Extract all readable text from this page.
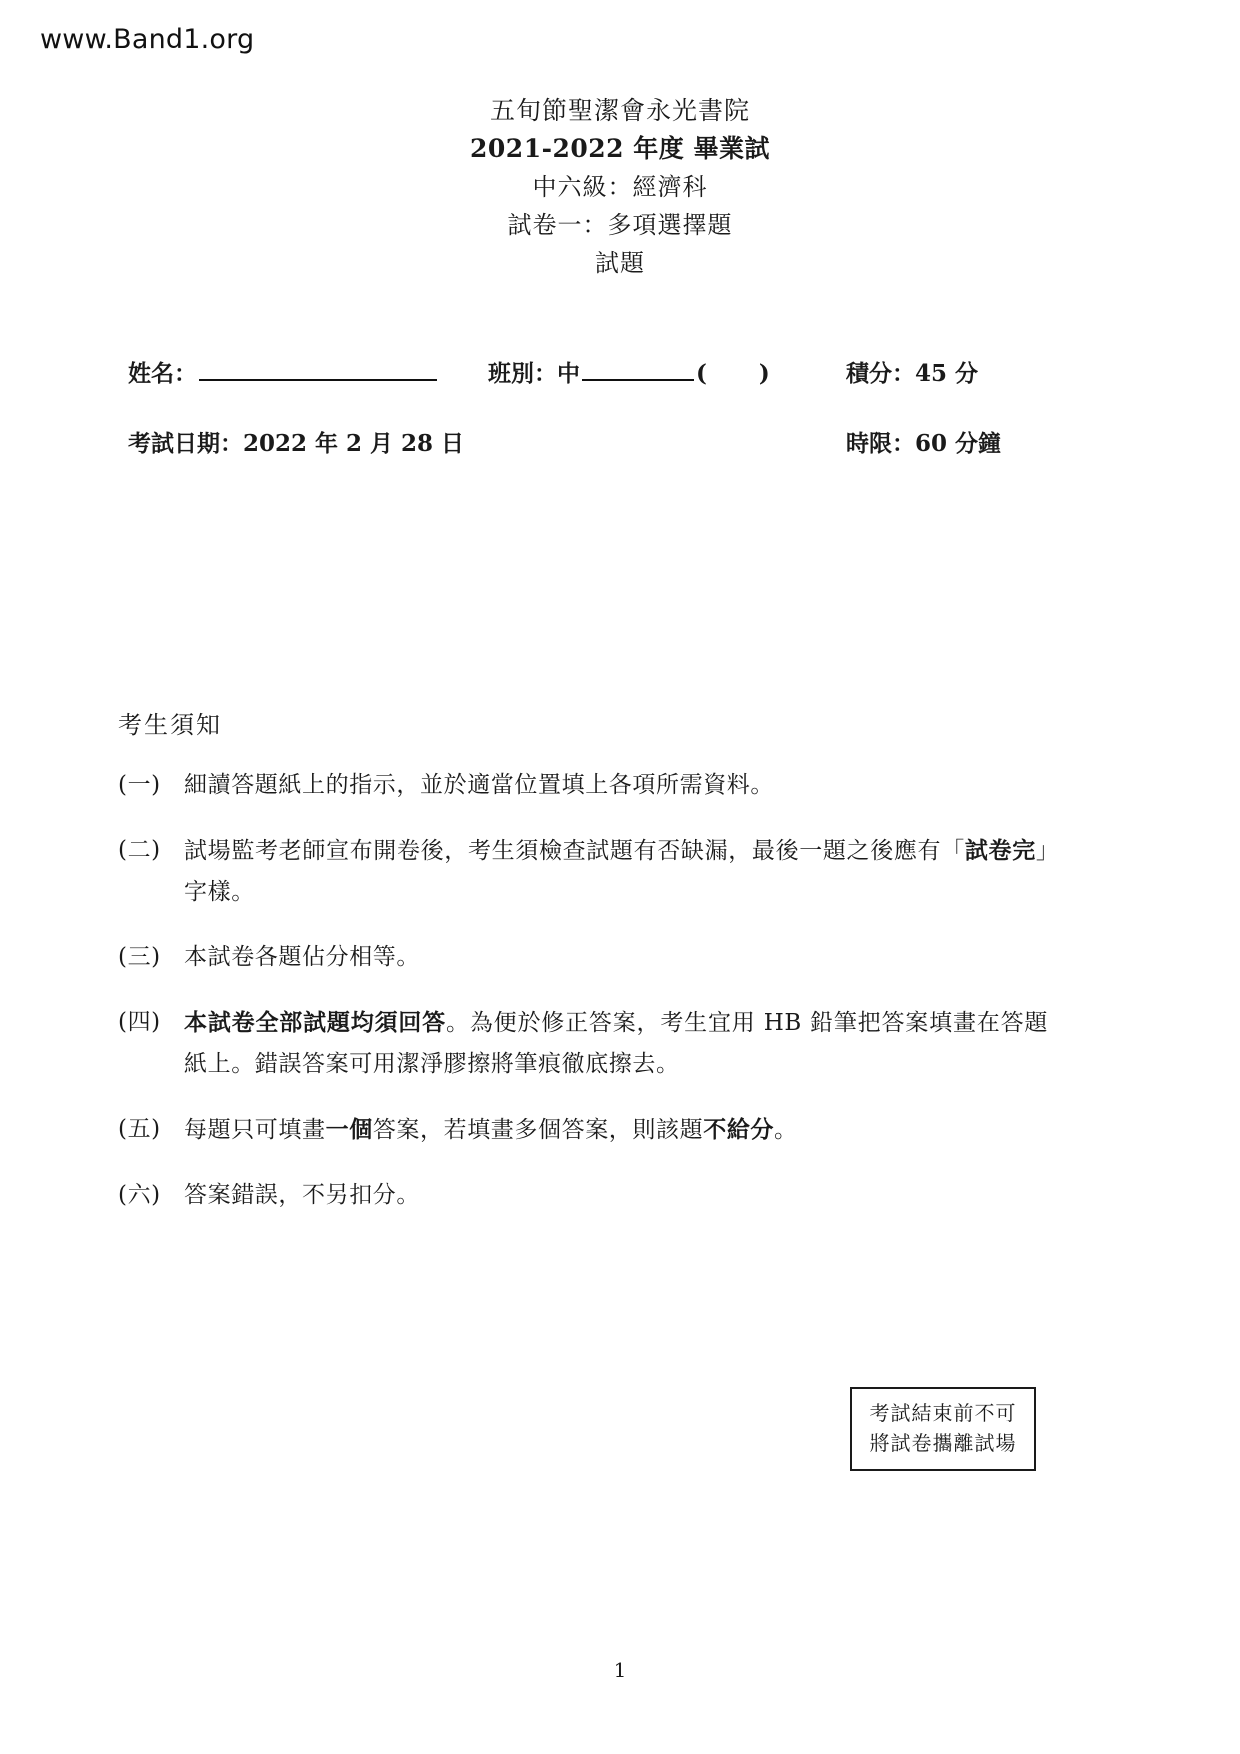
www.Band1.org
五旬節聖潔會永光書院
2021-2022 年度 畢業試
中六級：經濟科
試卷一：多項選擇題
試題
姓名：	班別：中	( )	積分：45 分
考試日期：2022 年 2 月 28 日	時限：60 分鐘
考生須知
(一)	細讀答題紙上的指示，並於適當位置填上各項所需資料。
(二)	試場監考老師宣布開卷後，考生須檢查試題有否缺漏，最後一題之後應有「試卷完」字樣。
(三)	本試卷各題佔分相等。
(四)	本試卷全部試題均須回答。為便於修正答案，考生宜用 HB 鉛筆把答案填畫在答題紙上。錯誤答案可用潔淨膠擦將筆痕徹底擦去。
(五)	每題只可填畫一個答案，若填畫多個答案，則該題不給分。
(六)	答案錯誤，不另扣分。
考試結束前不可
將試卷攜離試場
1
